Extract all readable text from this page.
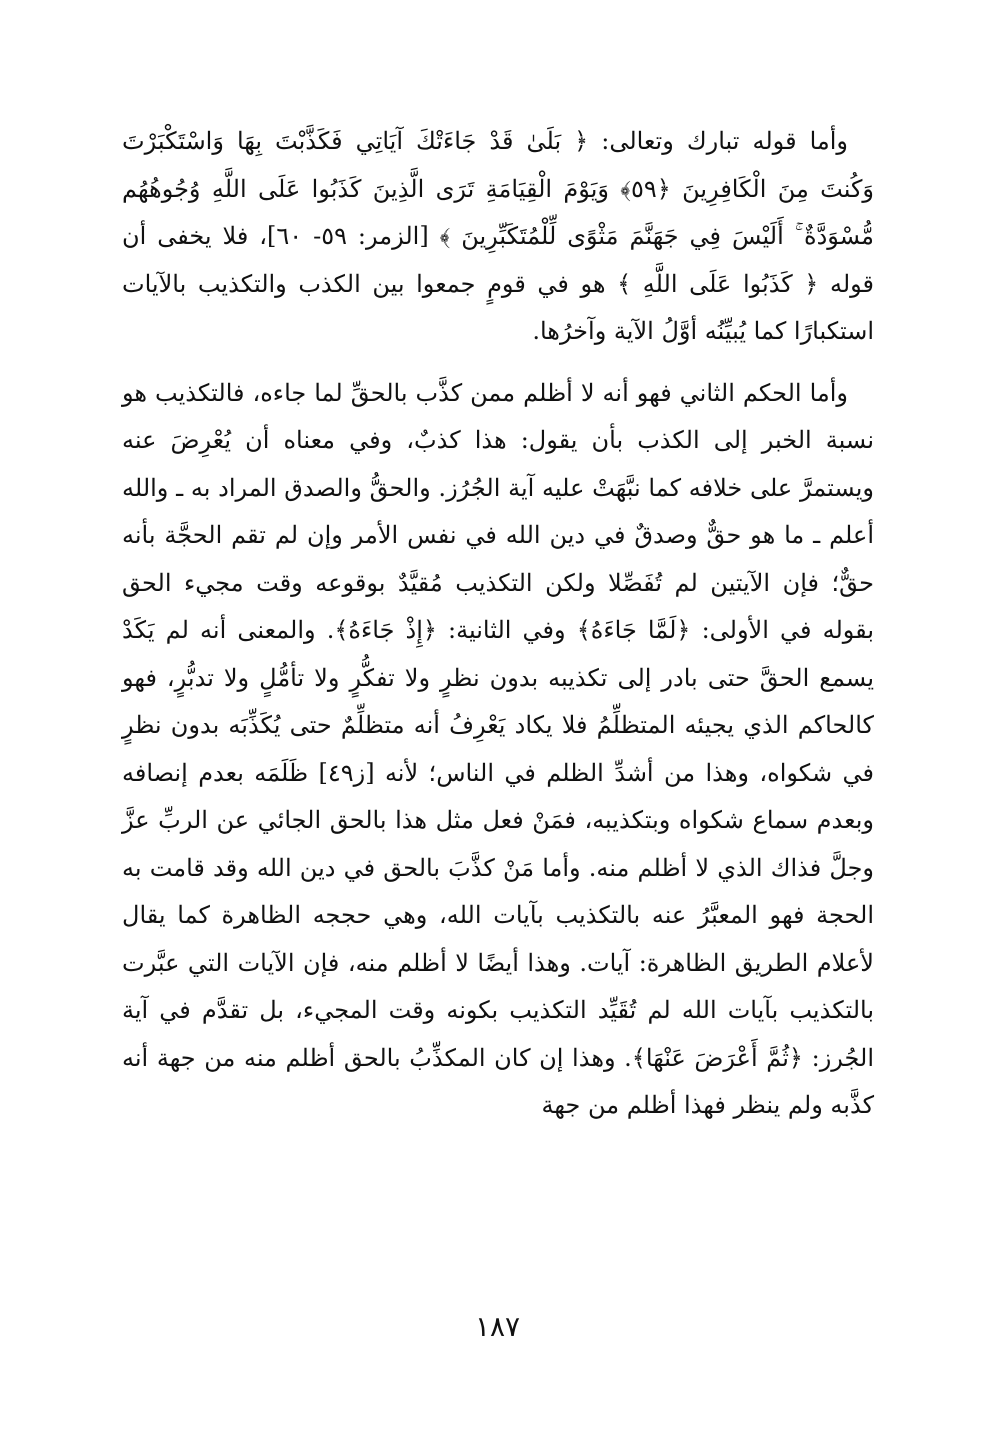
وأما قوله تبارك وتعالى: ﴿ بَلَىٰ قَدْ جَاءَتْكَ آيَاتِي فَكَذَّبْتَ بِهَا وَاسْتَكْبَرْتَ وَكُنتَ مِنَ الْكَافِرِينَ ﴿٥٩﴾ وَيَوْمَ الْقِيَامَةِ تَرَى الَّذِينَ كَذَبُوا عَلَى اللَّهِ وُجُوهُهُم مُّسْوَدَّةٌ ۚ أَلَيْسَ فِي جَهَنَّمَ مَثْوًى لِّلْمُتَكَبِّرِينَ ﴾ [الزمر: ٥٩- ٦٠]، فلا يخفى أن قوله ﴿ كَذَبُوا عَلَى اللَّهِ ﴾ هو في قومٍ جمعوا بين الكذب والتكذيب بالآيات استكبارًا كما يُبيِّنُه أوَّلُ الآية وآخرُها.

وأما الحكم الثاني فهو أنه لا أظلم ممن كذَّب بالحقِّ لما جاءه، فالتكذيب هو نسبة الخبر إلى الكذب بأن يقول: هذا كذبٌ، وفي معناه أن يُعْرِضَ عنه ويستمرَّ على خلافه كما نبَّهَتْ عليه آية الجُرُز. والحقُّ والصدق المراد به ـ والله أعلم ـ ما هو حقٌّ وصدقٌ في دين الله في نفس الأمر وإن لم تقم الحجَّة بأنه حقٌّ؛ فإن الآيتين لم تُفَصِّلا ولكن التكذيب مُقيَّدٌ بوقوعه وقت مجيء الحق بقوله في الأولى: ﴿لَمَّا جَاءَهُ﴾ وفي الثانية: ﴿إِذْ جَاءَهُ﴾. والمعنى أنه لم يَكَدْ يسمع الحقَّ حتى بادر إلى تكذيبه بدون نظرٍ ولا تفكُّرٍ ولا تأمُّلٍ ولا تدبُّرٍ، فهو كالحاكم الذي يجيئه المتظلِّمُ فلا يكاد يَعْرِفُ أنه متظلِّمٌ حتى يُكَذِّبَه بدون نظرٍ في شكواه، وهذا من أشدِّ الظلم في الناس؛ لأنه [ز٤٩] ظَلَمَه بعدم إنصافه وبعدم سماع شكواه وبتكذيبه، فمَنْ فعل مثل هذا بالحق الجائي عن الربِّ عزَّ وجلَّ فذاك الذي لا أظلم منه. وأما مَنْ كذَّبَ بالحق في دين الله وقد قامت به الحجة فهو المعبَّرُ عنه بالتكذيب بآيات الله، وهي حججه الظاهرة كما يقال لأعلام الطريق الظاهرة: آيات. وهذا أيضًا لا أظلم منه، فإن الآيات التي عبَّرت بالتكذيب بآيات الله لم تُقَيِّد التكذيب بكونه وقت المجيء، بل تقدَّم في آية الجُرز: ﴿ثُمَّ أَعْرَضَ عَنْهَا﴾. وهذا إن كان المكذِّبُ بالحق أظلم منه من جهة أنه كذَّبه ولم ينظر فهذا أظلم من جهة

١٨٧
